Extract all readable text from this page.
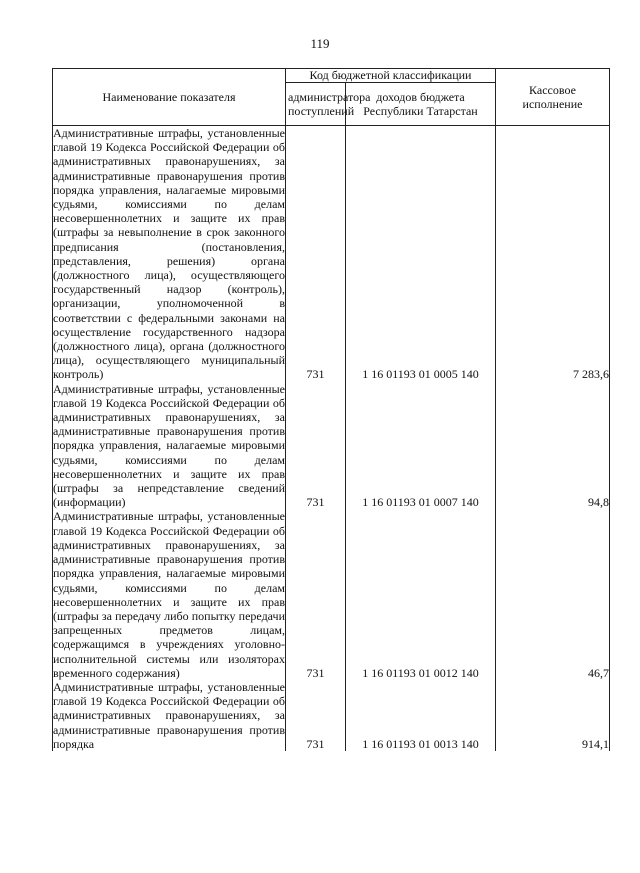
119
Наименование показателя	Код бюджетной классификации		Кассовое исполнение
	администратора поступлений	доходов бюджета Республики Татарстан	

Административные штрафы, установленные главой 19 Кодекса Российской Федерации об административных правонарушениях, за административные правонарушения против порядка управления, налагаемые мировыми судьями, комиссиями по делам несовершеннолетних и защите их прав (штрафы за невыполнение в срок законного предписания (постановления, представления, решения) органа (должностного лица), осуществляющего государственный надзор (контроль), организации, уполномоченной в соответствии с федеральными законами на осуществление государственного надзора (должностного лица), органа (должностного лица), осуществляющего муниципальный контроль)	731	1 16 01193 01 0005 140	7 283,6

Административные штрафы, установленные главой 19 Кодекса Российской Федерации об административных правонарушениях, за административные правонарушения против порядка управления, налагаемые мировыми судьями, комиссиями по делам несовершеннолетних и защите их прав (штрафы за непредставление сведений (информации)	731	1 16 01193 01 0007 140	94,8

Административные штрафы, установленные главой 19 Кодекса Российской Федерации об административных правонарушениях, за административные правонарушения против порядка управления, налагаемые мировыми судьями, комиссиями по делам несовершеннолетних и защите их прав (штрафы за передачу либо попытку передачи запрещенных предметов лицам, содержащимся в учреждениях уголовно-исполнительной системы или изоляторах временного содержания)	731	1 16 01193 01 0012 140	46,7

Административные штрафы, установленные главой 19 Кодекса Российской Федерации об административных правонарушениях, за административные правонарушения против порядка	731	1 16 01193 01 0013 140	914,1
